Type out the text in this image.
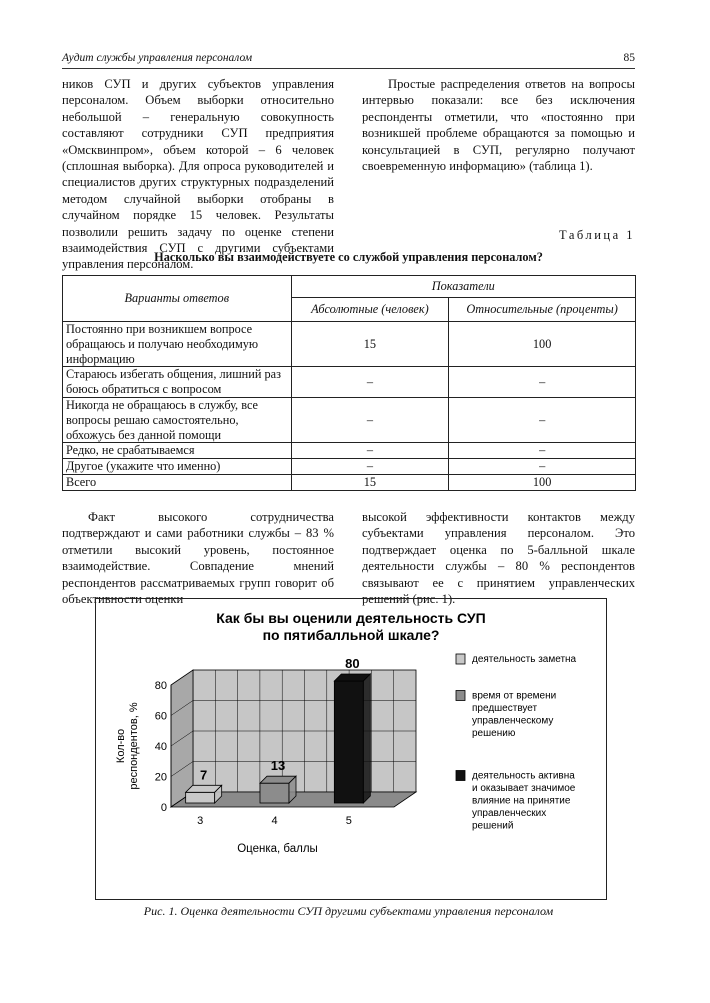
Аудит службы управления персоналом	85

ников СУП и других субъектов управления персоналом. Объем выборки относительно небольшой – генеральную совокупность составляют сотрудники СУП предприятия «Омсквинпром», объем которой – 6 человек (сплошная выборка). Для опроса руководителей и специалистов других структурных подразделений методом случайной выборки отобраны в случайном порядке 15 человек. Результаты позволили решить задачу по оценке степени взаимодействия СУП с другими субъектами управления персоналом.

Простые распределения ответов на вопросы интервью показали: все без исключения респонденты отметили, что «постоянно при возникшей проблеме обращаются за помощью и консультацией в СУП, регулярно получают своевременную информацию» (таблица 1).

Таблица 1
Насколько вы взаимодействуете со службой управления персоналом?
Варианты ответов	Показатели	
	Абсолютные (человек)	Относительные (проценты)
Постоянно при возникшем вопросе обращаюсь и получаю необходимую информацию	15	100
Стараюсь избегать общения, лишний раз боюсь обратиться с вопросом	–	–
Никогда не обращаюсь в службу, все вопросы решаю самостоятельно, обхожусь без данной помощи	–	–
Редко, не срабатываемся	–	–
Другое (укажите что именно)	–	–
Всего	15	100

Факт высокого сотрудничества подтверждают и сами работники службы – 83 % отметили высокий уровень, постоянное взаимодействие. Совпадение мнений респондентов рассматриваемых групп говорит об объективности оценки

высокой эффективности контактов между субъектами управления персоналом. Это подтверждает оценка по 5-балльной шкале деятельности службы – 80 % респондентов связывают ее с принятием управленческих решений (рис. 1).

Как бы вы оценили деятельность СУП
по пятибалльной шкале?
0
20
40
60
80
Кол-во респондентов, %	7
3
13
4
80
5
Оценка, баллы
деятельность заметна
время от времени
предшествует
управленческому
решению
деятельность активна
и оказывает значимое
влияние на принятие
управленческих
решений
Рис. 1. Оценка деятельности СУП другими субъектами управления персоналом
